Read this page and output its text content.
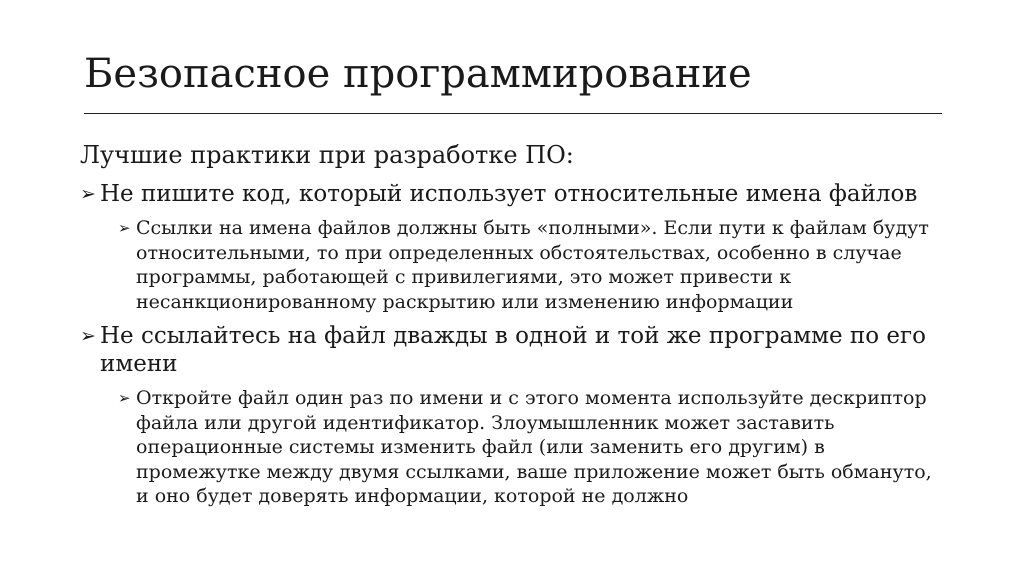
Безопасное программирование
Лучшие практики при разработке ПО:
➢ Не пишите код, который использует относительные имена файлов
➢ Ссылки на имена файлов должны быть «полными». Если пути к файлам будут относительными, то при определенных обстоятельствах, особенно в случае программы, работающей с привилегиями, это может привести к несанкционированному раскрытию или изменению информации
➢ Не ссылайтесь на файл дважды в одной и той же программе по его имени
➢ Откройте файл один раз по имени и с этого момента используйте дескриптор файла или другой идентификатор. Злоумышленник может заставить операционные системы изменить файл (или заменить его другим) в промежутке между двумя ссылками, ваше приложение может быть обмануто, и оно будет доверять информации, которой не должно
